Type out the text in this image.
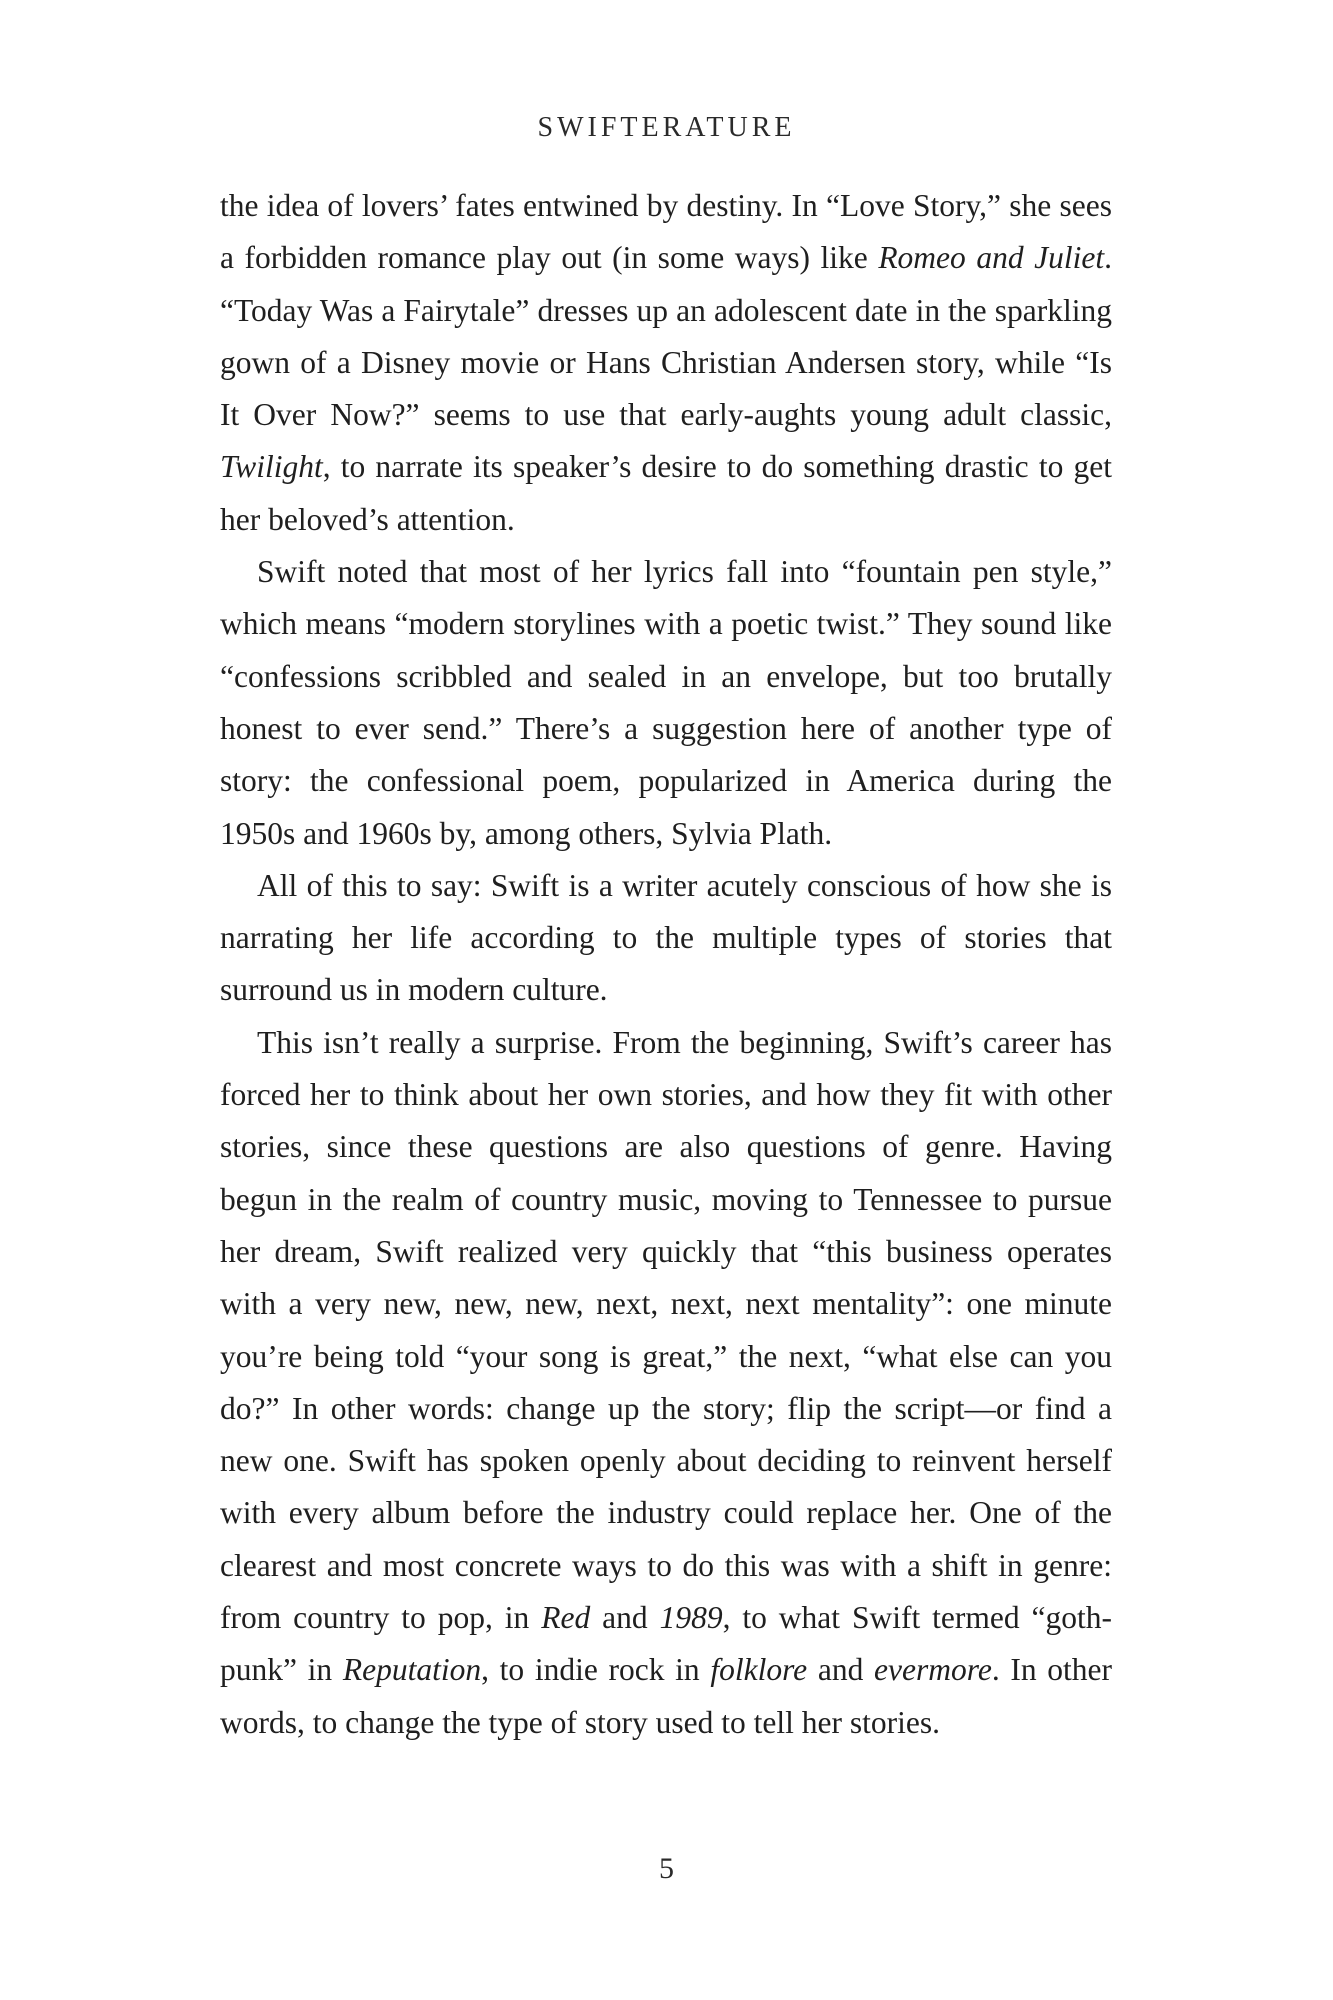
SWIFTERATURE

the idea of lovers’ fates entwined by destiny. In “Love Story,” she sees a forbidden romance play out (in some ways) like Romeo and Juliet. “Today Was a Fairytale” dresses up an adolescent date in the sparkling gown of a Disney movie or Hans Christian Andersen story, while “Is It Over Now?” seems to use that early-aughts young adult classic, Twilight, to narrate its speaker’s desire to do something drastic to get her beloved’s attention.

Swift noted that most of her lyrics fall into “fountain pen style,” which means “modern storylines with a poetic twist.” They sound like “confessions scribbled and sealed in an envelope, but too brutally honest to ever send.” There’s a suggestion here of another type of story: the confessional poem, popularized in America during the 1950s and 1960s by, among others, Sylvia Plath.

All of this to say: Swift is a writer acutely conscious of how she is narrating her life according to the multiple types of stories that surround us in modern culture.

This isn’t really a surprise. From the beginning, Swift’s career has forced her to think about her own stories, and how they fit with other stories, since these questions are also questions of genre. Having begun in the realm of country music, moving to Tennessee to pursue her dream, Swift realized very quickly that “this business operates with a very new, new, new, next, next, next mentality”: one minute you’re being told “your song is great,” the next, “what else can you do?” In other words: change up the story; flip the script—or find a new one. Swift has spoken openly about deciding to reinvent herself with every album before the industry could replace her. One of the clearest and most concrete ways to do this was with a shift in genre: from country to pop, in Red and 1989, to what Swift termed “goth-punk” in Reputation, to indie rock in folklore and evermore. In other words, to change the type of story used to tell her stories.

5
